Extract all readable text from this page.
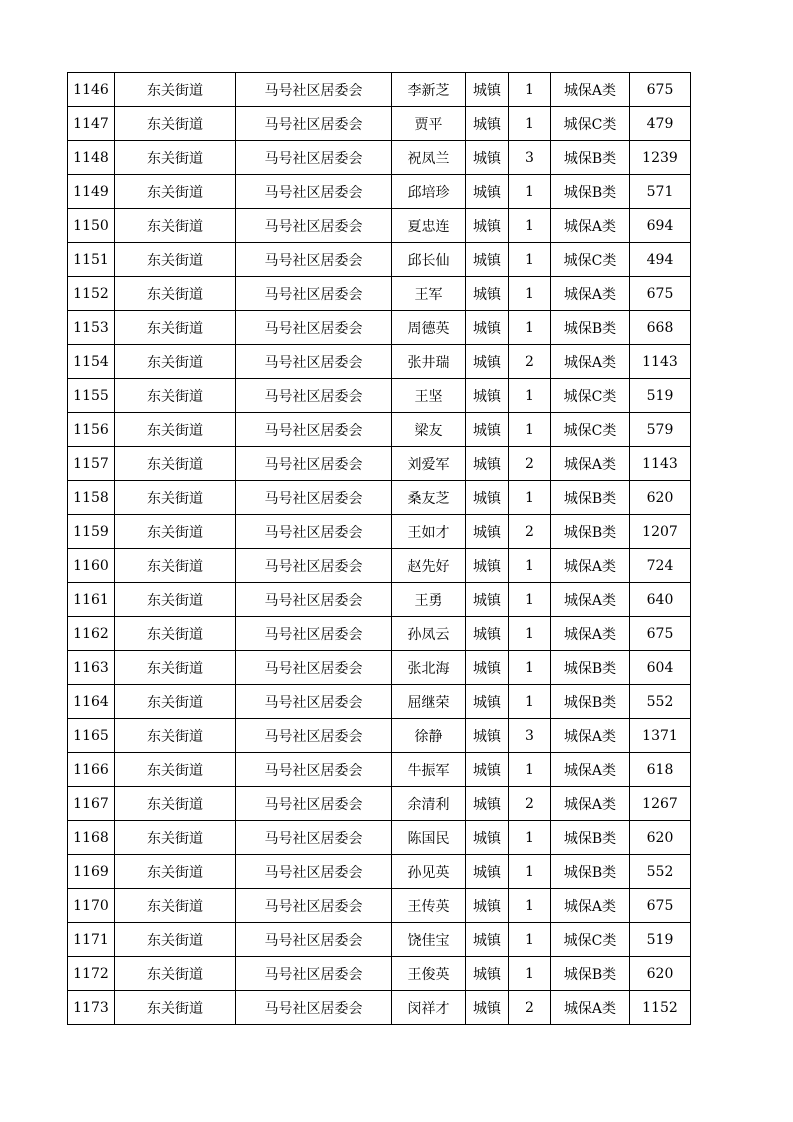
1146	东关街道	马号社区居委会	李新芝	城镇	1	城保A类	675
1147	东关街道	马号社区居委会	贾平	城镇	1	城保C类	479
1148	东关街道	马号社区居委会	祝凤兰	城镇	3	城保B类	1239
1149	东关街道	马号社区居委会	邱培珍	城镇	1	城保B类	571
1150	东关街道	马号社区居委会	夏忠连	城镇	1	城保A类	694
1151	东关街道	马号社区居委会	邱长仙	城镇	1	城保C类	494
1152	东关街道	马号社区居委会	王军	城镇	1	城保A类	675
1153	东关街道	马号社区居委会	周德英	城镇	1	城保B类	668
1154	东关街道	马号社区居委会	张井瑞	城镇	2	城保A类	1143
1155	东关街道	马号社区居委会	王坚	城镇	1	城保C类	519
1156	东关街道	马号社区居委会	梁友	城镇	1	城保C类	579
1157	东关街道	马号社区居委会	刘爱军	城镇	2	城保A类	1143
1158	东关街道	马号社区居委会	桑友芝	城镇	1	城保B类	620
1159	东关街道	马号社区居委会	王如才	城镇	2	城保B类	1207
1160	东关街道	马号社区居委会	赵先好	城镇	1	城保A类	724
1161	东关街道	马号社区居委会	王勇	城镇	1	城保A类	640
1162	东关街道	马号社区居委会	孙凤云	城镇	1	城保A类	675
1163	东关街道	马号社区居委会	张北海	城镇	1	城保B类	604
1164	东关街道	马号社区居委会	屈继荣	城镇	1	城保B类	552
1165	东关街道	马号社区居委会	徐静	城镇	3	城保A类	1371
1166	东关街道	马号社区居委会	牛振军	城镇	1	城保A类	618
1167	东关街道	马号社区居委会	余清利	城镇	2	城保A类	1267
1168	东关街道	马号社区居委会	陈国民	城镇	1	城保B类	620
1169	东关街道	马号社区居委会	孙见英	城镇	1	城保B类	552
1170	东关街道	马号社区居委会	王传英	城镇	1	城保A类	675
1171	东关街道	马号社区居委会	饶佳宝	城镇	1	城保C类	519
1172	东关街道	马号社区居委会	王俊英	城镇	1	城保B类	620
1173	东关街道	马号社区居委会	闵祥才	城镇	2	城保A类	1152
